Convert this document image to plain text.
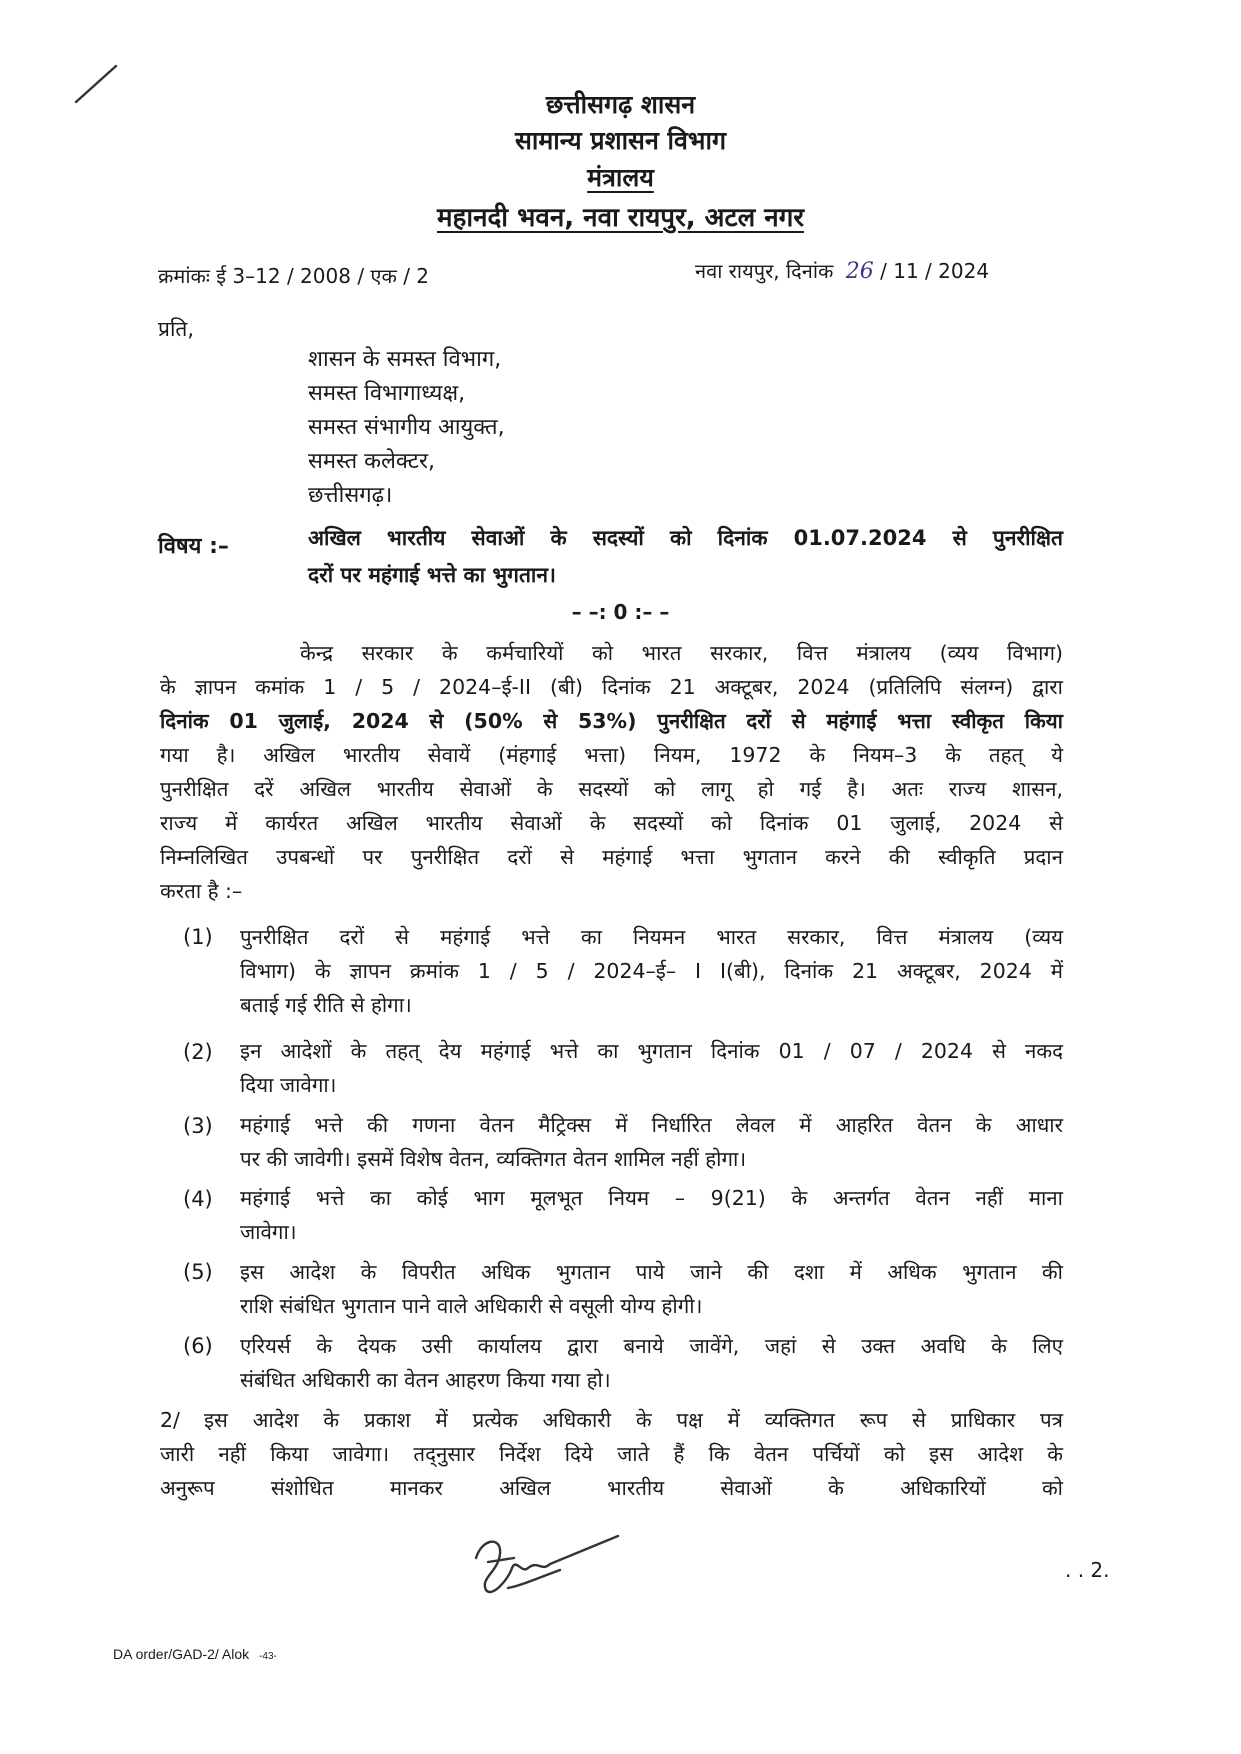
छत्तीसगढ़ शासन
सामान्य प्रशासन विभाग
मंत्रालय
महानदी भवन, नवा रायपुर, अटल नगर
क्रमांकः ई 3–12 / 2008 / एक / 2	नवा रायपुर, दिनांक 26 / 11 / 2024
प्रति,
शासन के समस्त विभाग,
समस्त विभागाध्यक्ष,
समस्त संभागीय आयुक्त,
समस्त कलेक्टर,
छत्तीसगढ़।
विषय :–	अखिल भारतीय सेवाओं के सदस्यों को दिनांक 01.07.2024 से पुनरीक्षित
दरों पर महंगाई भत्ते का भुगतान।
– –: 0 :– –
केन्द्र सरकार के कर्मचारियों को भारत सरकार, वित्त मंत्रालय (व्यय विभाग)
के ज्ञापन कमांक 1 / 5 / 2024–ई-II (बी) दिनांक 21 अक्टूबर, 2024 (प्रतिलिपि संलग्न) द्वारा
दिनांक 01 जुलाई, 2024 से (50% से 53%) पुनरीक्षित दरों से महंगाई भत्ता स्वीकृत किया
गया है। अखिल भारतीय सेवायें (मंहगाई भत्ता) नियम, 1972 के नियम–3 के तहत् ये
पुनरीक्षित दरें अखिल भारतीय सेवाओं के सदस्यों को लागू हो गई है। अतः राज्य शासन,
राज्य में कार्यरत अखिल भारतीय सेवाओं के सदस्यों को दिनांक 01 जुलाई, 2024 से
निम्नलिखित उपबन्धों पर पुनरीक्षित दरों से महंगाई भत्ता भुगतान करने की स्वीकृति प्रदान
करता है :–
(1) पुनरीक्षित दरों से महंगाई भत्ते का नियमन भारत सरकार, वित्त मंत्रालय (व्यय
विभाग) के ज्ञापन क्रमांक 1 / 5 / 2024–ई– I I(बी), दिनांक 21 अक्टूबर, 2024 में
बताई गई रीति से होगा।
(2) इन आदेशों के तहत् देय महंगाई भत्ते का भुगतान दिनांक 01 / 07 / 2024 से नकद
दिया जावेगा।
(3) महंगाई भत्ते की गणना वेतन मैट्रिक्स में निर्धारित लेवल में आहरित वेतन के आधार
पर की जावेगी। इसमें विशेष वेतन, व्यक्तिगत वेतन शामिल नहीं होगा।
(4) महंगाई भत्ते का कोई भाग मूलभूत नियम – 9(21) के अन्तर्गत वेतन नहीं माना
जावेगा।
(5) इस आदेश के विपरीत अधिक भुगतान पाये जाने की दशा में अधिक भुगतान की
राशि संबंधित भुगतान पाने वाले अधिकारी से वसूली योग्य होगी।
(6) एरियर्स के देयक उसी कार्यालय द्वारा बनाये जावेंगे, जहां से उक्त अवधि के लिए
संबंधित अधिकारी का वेतन आहरण किया गया हो।
2/ इस आदेश के प्रकाश में प्रत्येक अधिकारी के पक्ष में व्यक्तिगत रूप से प्राधिकार पत्र
जारी नहीं किया जावेगा। तद्नुसार निर्देश दिये जाते हैं कि वेतन पर्चियों को इस आदेश के
अनुरूप संशोधित मानकर अखिल भारतीय सेवाओं के अधिकारियों को
. . 2.
DA order/GAD-2/ Alok -43-
